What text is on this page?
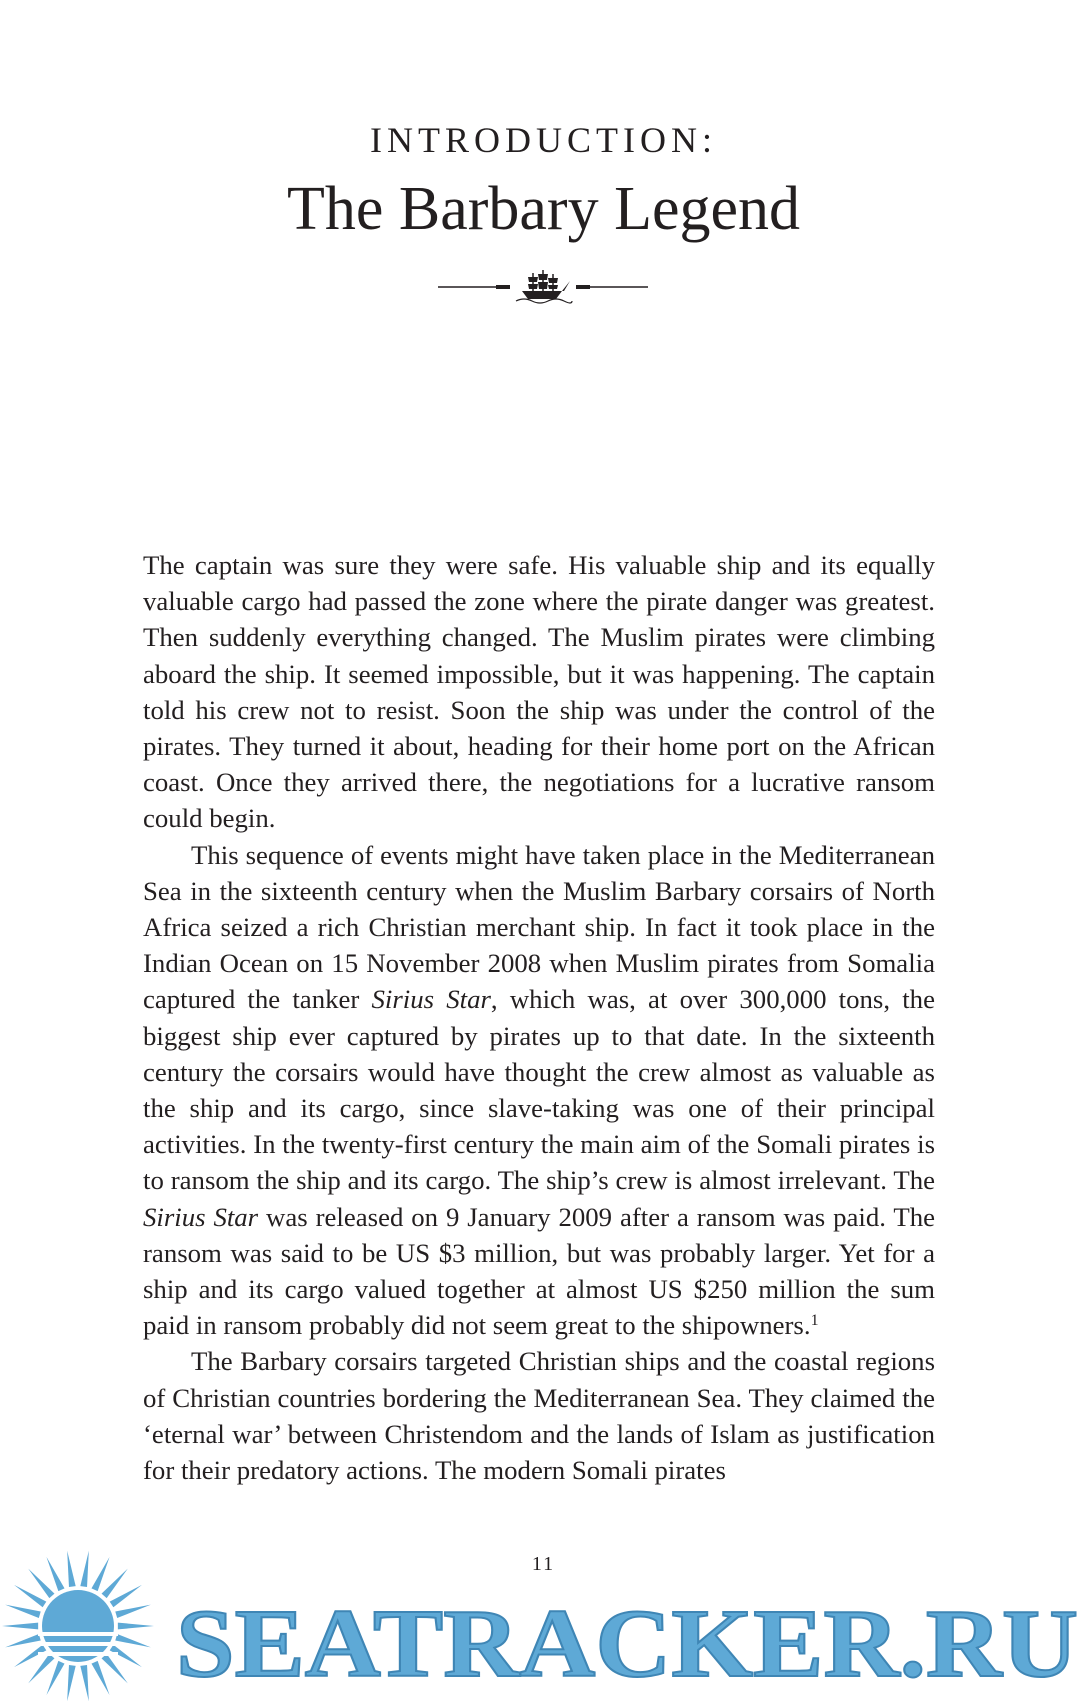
INTRODUCTION:
The Barbary Legend

The captain was sure they were safe. His valuable ship and its equally valuable cargo had passed the zone where the pirate danger was greatest. Then suddenly everything changed. The Muslim pirates were climbing aboard the ship. It seemed impossible, but it was happening. The captain told his crew not to resist. Soon the ship was under the control of the pirates. They turned it about, heading for their home port on the African coast. Once they arrived there, the negotiations for a lucrative ransom could begin.

This sequence of events might have taken place in the Mediterranean Sea in the sixteenth century when the Muslim Barbary corsairs of North Africa seized a rich Christian merchant ship. In fact it took place in the Indian Ocean on 15 November 2008 when Muslim pirates from Somalia captured the tanker Sirius Star, which was, at over 300,000 tons, the biggest ship ever captured by pirates up to that date. In the sixteenth century the corsairs would have thought the crew almost as valuable as the ship and its cargo, since slave-taking was one of their principal activities. In the twenty-first century the main aim of the Somali pirates is to ransom the ship and its cargo. The ship’s crew is almost irrelevant. The Sirius Star was released on 9 January 2009 after a ransom was paid. The ransom was said to be US $3 million, but was probably larger. Yet for a ship and its cargo valued together at almost US $250 million the sum paid in ransom probably did not seem great to the shipowners.$^1$

The Barbary corsairs targeted Christian ships and the coastal regions of Christian countries bordering the Mediterranean Sea. They claimed the ‘eternal war’ between Christendom and the lands of Islam as justification for their predatory actions. The modern Somali pirates

11
SEATRACKER.RU
